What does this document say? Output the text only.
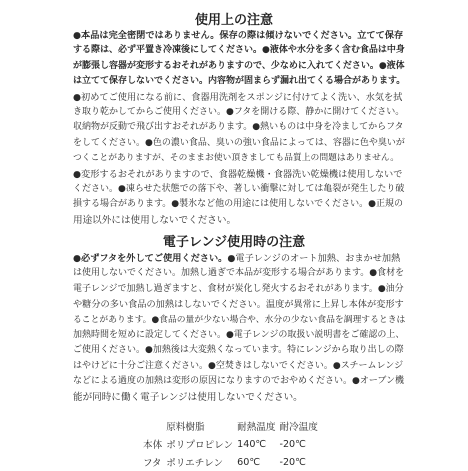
使用上の注意
●本品は完全密閉ではありません。保存の際は傾けないでください。立てて保存
する際は、必ず平置き冷凍後にしてください。●液体や水分を多く含む食品は中身
が膨張し容器が変形するおそれがありますので、少なめに入れてください。●液体
は立てて保存しないでください。内容物が固まらず漏れ出てくる場合があります。
●初めてご使用になる前に、食器用洗剤をスポンジに付けてよく洗い、水気を拭
き取り乾かしてからご使用ください。●フタを開ける際、静かに開けてください。
収納物が反動で飛び出すおそれがあります。●熱いものは中身を冷ましてからフタ
をしてください。●色の濃い食品、臭いの強い食品によっては、容器に色や臭いが
つくことがありますが、そのままお使い頂きましても品質上の問題はありません。
●変形するおそれがありますので、食器乾燥機・食器洗い乾燥機は使用しないで
ください。●凍らせた状態での落下や、著しい衝撃に対しては亀裂が発生したり破
損する場合があります。●製氷など他の用途には使用しないでください。●正規の
用途以外には使用しないでください。
電子レンジ使用時の注意
●必ずフタを外してご使用ください。●電子レンジのオート加熱、おまかせ加熱
は使用しないでください。加熱し過ぎで本品が変形する場合があります。●食材を
電子レンジで加熱し過ぎますと、食材が炭化し発火するおそれがあります。●油分
や糖分の多い食品の加熱はしないでください。温度が異常に上昇し本体が変形す
ることがあります。●食品の量が少ない場合や、水分の少ない食品を調理するときは
加熱時間を短めに設定してください。●電子レンジの取扱い説明書をご確認の上、
ご使用ください。●加熱後は大変熱くなっています。特にレンジから取り出しの際
はやけどに十分ご注意ください。●空焚きはしないでください。●スチームレンジ
などによる過度の加熱は変形の原因になりますのでおやめください。●オーブン機
能が同時に働く電子レンジは使用しないでください。
	原料樹脂	耐熱温度	耐冷温度
本体	ポリプロピレン	140℃	-20℃
フタ	ポリエチレン	60℃	-20℃
